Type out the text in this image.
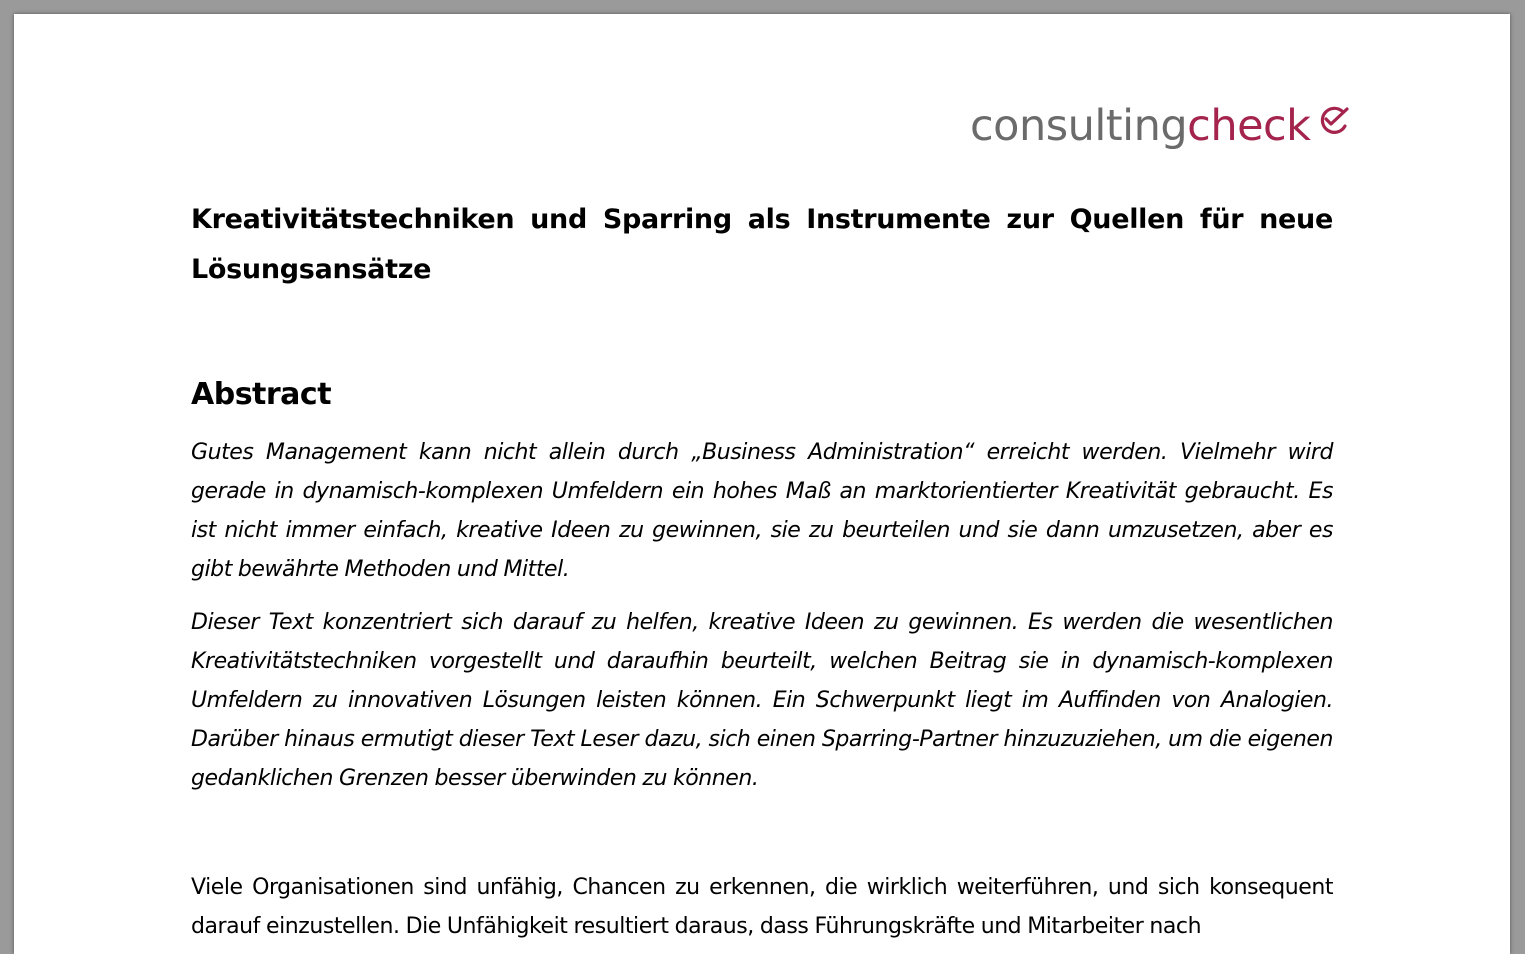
consulting check
Kreativitätstechniken und Sparring als Instrumente zur Quellen für neue Lösungsansätze
Abstract

Gutes Management kann nicht allein durch „Business Administration“ erreicht werden. Vielmehr wird gerade in dynamisch-komplexen Umfeldern ein hohes Maß an marktorientierter Kreativität gebraucht. Es ist nicht immer einfach, kreative Ideen zu gewinnen, sie zu beurteilen und sie dann umzusetzen, aber es gibt bewährte Methoden und Mittel.

Dieser Text konzentriert sich darauf zu helfen, kreative Ideen zu gewinnen. Es werden die wesentlichen Kreativitätstechniken vorgestellt und daraufhin beurteilt, welchen Beitrag sie in dynamisch-komplexen Umfeldern zu innovativen Lösungen leisten können. Ein Schwerpunkt liegt im Auffinden von Analogien. Darüber hinaus ermutigt dieser Text Leser dazu, sich einen Sparring-Partner hinzuzuziehen, um die eigenen gedanklichen Grenzen besser überwinden zu können.

Viele Organisationen sind unfähig, Chancen zu erkennen, die wirklich weiterführen, und sich konsequent darauf einzustellen. Die Unfähigkeit resultiert daraus, dass Führungskräfte und Mitarbeiter nach
